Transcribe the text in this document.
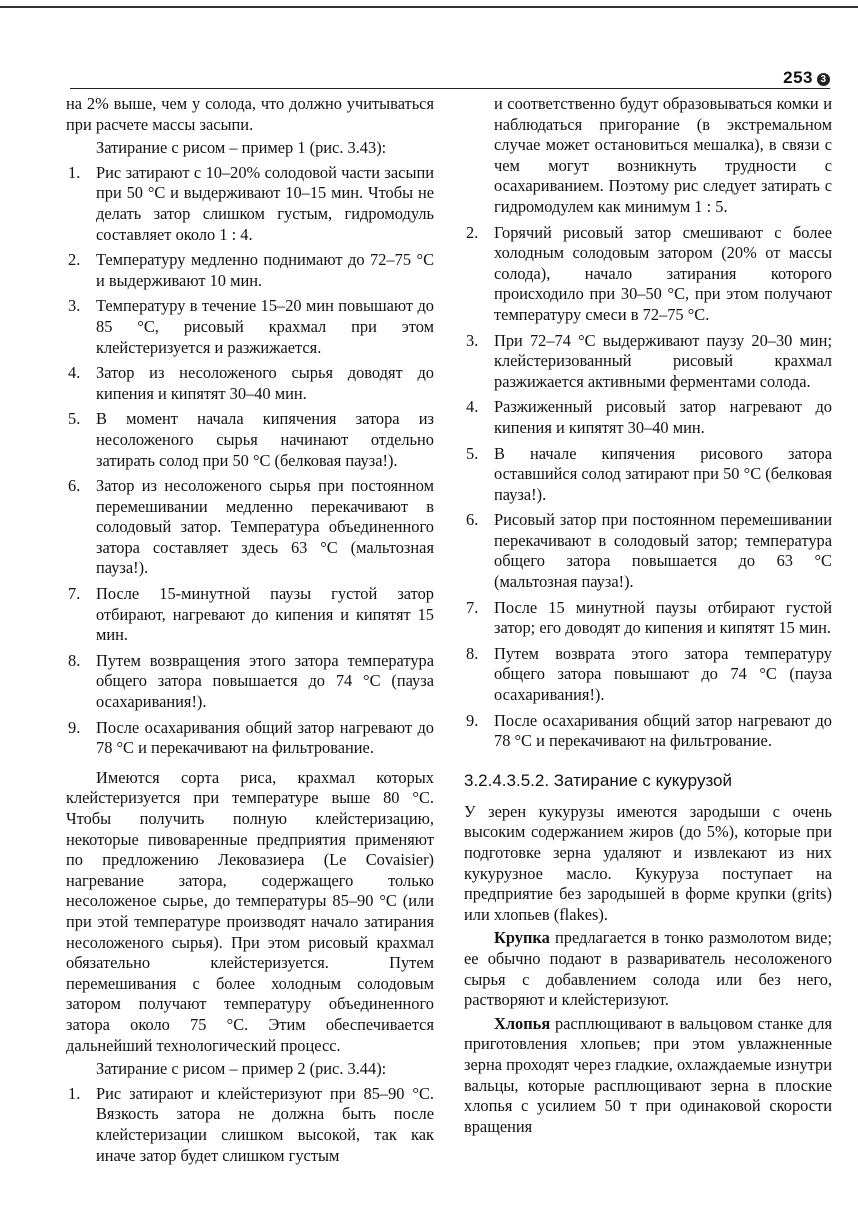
253 3

на 2% выше, чем у солода, что должно учитываться при расчете массы засыпи.

Затирание с рисом – пример 1 (рис. 3.43):

1. Рис затирают с 10–20% солодовой части засыпи при 50 °С и выдерживают 10–15 мин. Чтобы не делать затор слишком густым, гидромодуль составляет около 1 : 4.
2. Температуру медленно поднимают до 72–75 °С и выдерживают 10 мин.
3. Температуру в течение 15–20 мин повышают до 85 °С, рисовый крахмал при этом клейстеризуется и разжижается.
4. Затор из несоложеного сырья доводят до кипения и кипятят 30–40 мин.
5. В момент начала кипячения затора из несоложеного сырья начинают отдельно затирать солод при 50 °С (белковая пауза!).
6. Затор из несоложеного сырья при постоянном перемешивании медленно перекачивают в солодовый затор. Температура объединенного затора составляет здесь 63 °С (мальтозная пауза!).
7. После 15-минутной паузы густой затор отбирают, нагревают до кипения и кипятят 15 мин.
8. Путем возвращения этого затора температура общего затора повышается до 74 °С (пауза осахаривания!).
9. После осахаривания общий затор нагревают до 78 °С и перекачивают на фильтрование.

Имеются сорта риса, крахмал которых клейстеризуется при температуре выше 80 °С. Чтобы получить полную клейстеризацию, некоторые пивоваренные предприятия применяют по предложению Лековазиера (Le Covaisier) нагревание затора, содержащего только несоложеное сырье, до температуры 85–90 °С (или при этой температуре производят начало затирания несоложеного сырья). При этом рисовый крахмал обязательно клейстеризуется. Путем перемешивания с более холодным солодовым затором получают температуру объединенного затора около 75 °С. Этим обеспечивается дальнейший технологический процесс.

Затирание с рисом – пример 2 (рис. 3.44):

1. Рис затирают и клейстеризуют при 85–90 °С. Вязкость затора не должна быть после клейстеризации слишком высокой, так как иначе затор будет слишком густым
и соответственно будут образовываться комки и наблюдаться пригорание (в экстремальном случае может остановиться мешалка), в связи с чем могут возникнуть трудности с осахариванием. Поэтому рис следует затирать с гидромодулем как минимум 1 : 5.
2. Горячий рисовый затор смешивают с более холодным солодовым затором (20% от массы солода), начало затирания которого происходило при 30–50 °С, при этом получают температуру смеси в 72–75 °С.
3. При 72–74 °С выдерживают паузу 20–30 мин; клейстеризованный рисовый крахмал разжижается активными ферментами солода.
4. Разжиженный рисовый затор нагревают до кипения и кипятят 30–40 мин.
5. В начале кипячения рисового затора оставшийся солод затирают при 50 °С (белковая пауза!).
6. Рисовый затор при постоянном перемешивании перекачивают в солодовый затор; температура общего затора повышается до 63 °С (мальтозная пауза!).
7. После 15 минутной паузы отбирают густой затор; его доводят до кипения и кипятят 15 мин.
8. Путем возврата этого затора температуру общего затора повышают до 74 °С (пауза осахаривания!).
9. После осахаривания общий затор нагревают до 78 °С и перекачивают на фильтрование.
3.2.4.3.5.2. Затирание с кукурузой

У зерен кукурузы имеются зародыши с очень высоким содержанием жиров (до 5%), которые при подготовке зерна удаляют и извлекают из них кукурузное масло. Кукуруза поступает на предприятие без зародышей в форме крупки (grits) или хлопьев (flakes).

Крупка предлагается в тонко размолотом виде; ее обычно подают в развариватель несоложеного сырья с добавлением солода или без него, растворяют и клейстеризуют.

Хлопья расплющивают в вальцовом станке для приготовления хлопьев; при этом увлажненные зерна проходят через гладкие, охлаждаемые изнутри вальцы, которые расплющивают зерна в плоские хлопья с усилием 50 т при одинаковой скорости вращения
